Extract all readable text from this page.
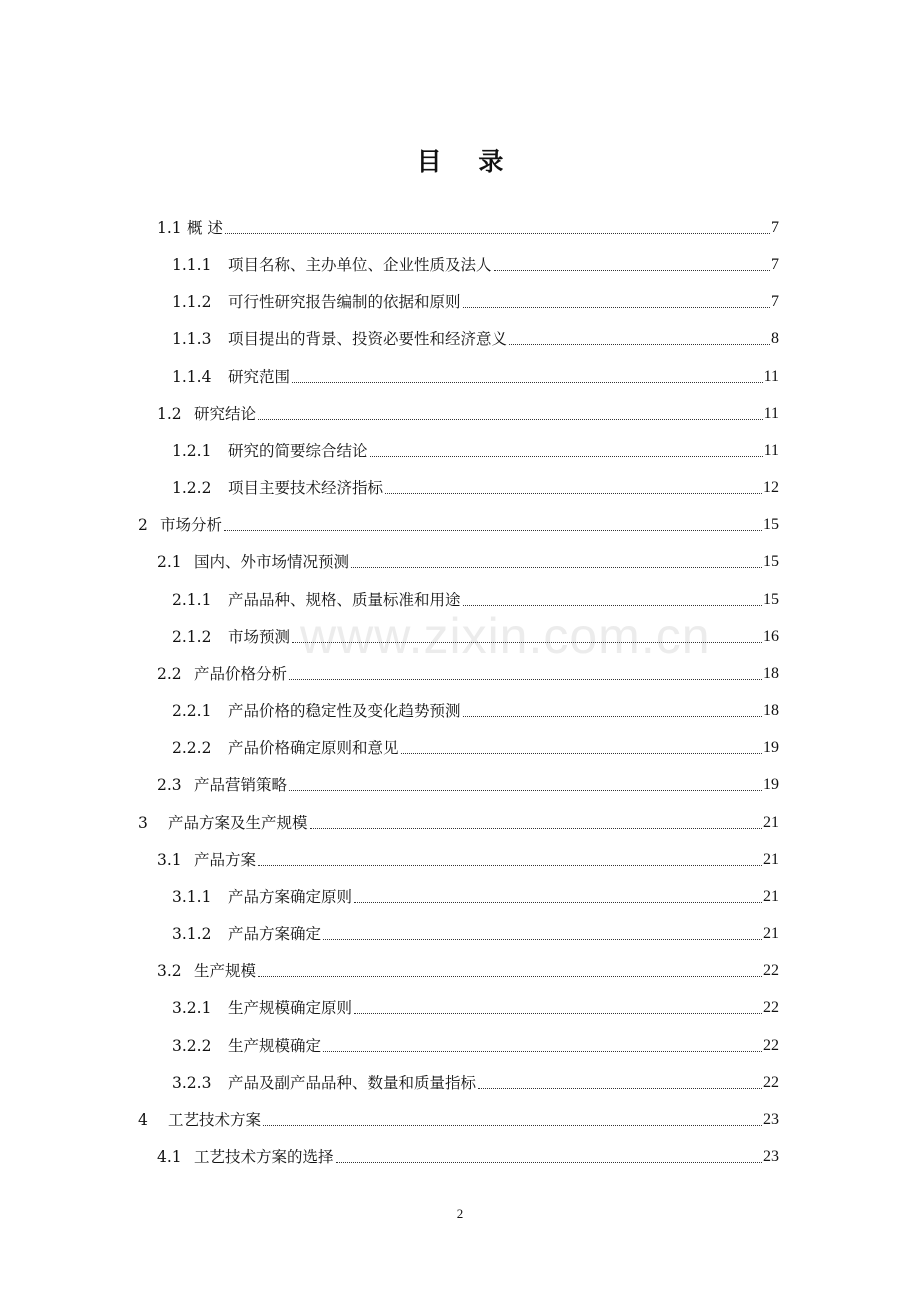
目 录
www.zixin.com.cn
1.1 概 述	7
1.1.1	项目名称、主办单位、企业性质及法人	7
1.1.2	可行性研究报告编制的依据和原则	7
1.1.3	项目提出的背景、投资必要性和经济意义	8
1.1.4	研究范围	11
1.2 研究结论	11
1.2.1	研究的简要综合结论	11
1.2.2	项目主要技术经济指标	12
2 市场分析	15
2.1 国内、外市场情况预测	15
2.1.1	产品品种、规格、质量标准和用途	15
2.1.2	市场预测	16
2.2 产品价格分析	18
2.2.1	产品价格的稳定性及变化趋势预测	18
2.2.2	产品价格确定原则和意见	19
2.3 产品营销策略	19
3	产品方案及生产规模	21
3.1 产品方案	21
3.1.1	产品方案确定原则	21
3.1.2	产品方案确定	21
3.2 生产规模	22
3.2.1	生产规模确定原则	22
3.2.2	生产规模确定	22
3.2.3	产品及副产品品种、数量和质量指标	22
4	工艺技术方案	23
4.1 工艺技术方案的选择	23
2
